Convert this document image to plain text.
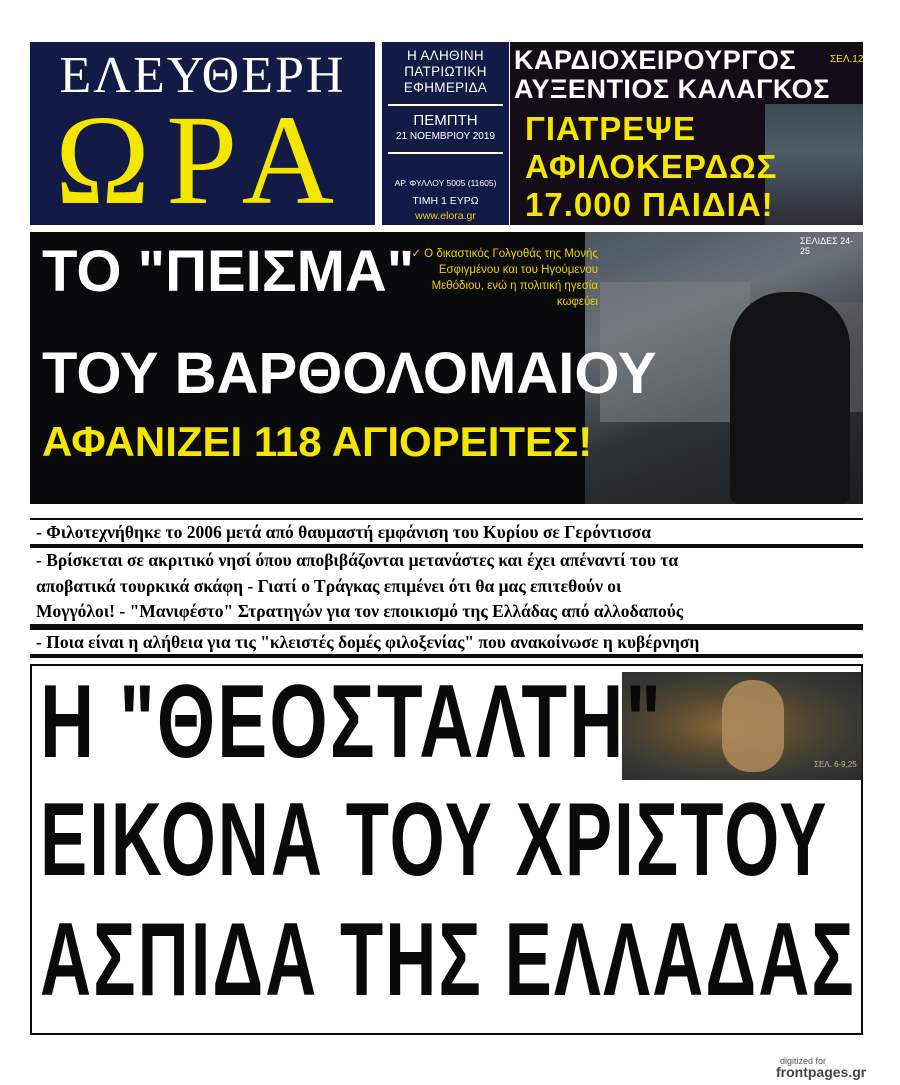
ΕΛΕΥΘΕΡΗ
ΩΡΑ
Η ΑΛΗΘΙΝΗ
ΠΑΤΡΙΩΤΙΚΗ
ΕΦΗΜΕΡΙΔΑ
ΠΕΜΠΤΗ
21 ΝΟΕΜΒΡΙΟΥ 2019
ΑΡ. ΦΥΛΛΟΥ 5005 (11605)
ΤΙΜΗ 1 ΕΥΡΩ
www.elora.gr
ΚΑΡΔΙΟΧΕΙΡΟΥΡΓΟΣ
ΑΥΞΕΝΤΙΟΣ ΚΑΛΑΓΚΟΣ
ΣΕΛ.12
ΓΙΑΤΡΕΨΕ
ΑΦΙΛΟΚΕΡΔΩΣ
17.000 ΠΑΙΔΙΑ!
ΤΟ "ΠΕΙΣΜΑ"
ΤΟΥ ΒΑΡΘΟΛΟΜΑΙΟΥ
ΑΦΑΝΙΖΕΙ 118 ΑΓΙΟΡΕΙΤΕΣ!
✓ Ο δικαστικός Γολγοθάς της Μονής Εσφιγμένου και του Ηγούμενου Μεθόδιου, ενώ η πολιτική ηγεσία κωφεύει
ΣΕΛΙΔΕΣ 24-25
- Φιλοτεχνήθηκε το 2006 μετά από θαυμαστή εμφάνιση του Κυρίου σε Γερόντισσα
- Βρίσκεται σε ακριτικό νησί όπου αποβιβάζονται μετανάστες και έχει απέναντί του τα
αποβατικά τουρκικά σκάφη - Γιατί ο Τράγκας επιμένει ότι θα μας επιτεθούν οι
Μογγόλοι! - "Μανιφέστο" Στρατηγών για τον εποικισμό της Ελλάδας από αλλοδαπούς
- Ποια είναι η αλήθεια για τις "κλειστές δομές φιλοξενίας" που ανακοίνωσε η κυβέρνηση
ΣΕΛ. 6-9,25
Η "ΘΕΟΣΤΑΛΤΗ"
ΕΙΚΟΝΑ ΤΟΥ ΧΡΙΣΤΟΥ
ΑΣΠΙΔΑ ΤΗΣ ΕΛΛΑΔΑΣ
digitized for
frontpages.gr
